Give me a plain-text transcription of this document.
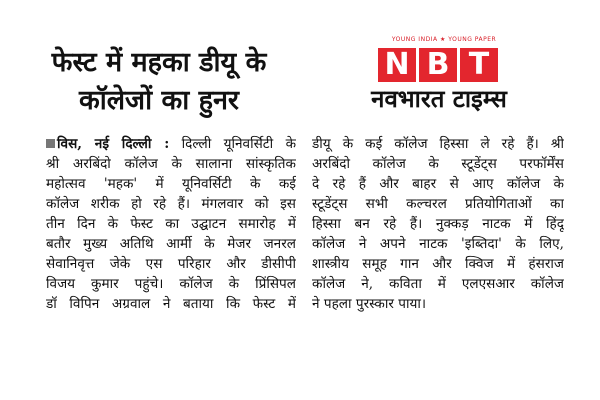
फेस्ट में महका डीयू के
कॉलेजों का हुनर
YOUNG INDIA ★ YOUNG PAPER
N B T
नवभारत टाइम्स
विस, नई दिल्ली : दिल्ली यूनिवर्सिटी के
श्री अरबिंदो कॉलेज के सालाना सांस्कृतिक
महोत्सव 'महक' में यूनिवर्सिटी के कई
कॉलेज शरीक हो रहे हैं। मंगलवार को इस
तीन दिन के फेस्ट का उद्घाटन समारोह में
बतौर मुख्य अतिथि आर्मी के मेजर जनरल
सेवानिवृत्त जेके एस परिहार और डीसीपी
विजय कुमार पहुंचे। कॉलेज के प्रिंसिपल
डॉ विपिन अग्रवाल ने बताया कि फेस्ट में
डीयू के कई कॉलेज हिस्सा ले रहे हैं। श्री
अरबिंदो कॉलेज के स्टूडेंट्स परफॉर्मेंस
दे रहे हैं और बाहर से आए कॉलेज के
स्टूडेंट्स सभी कल्चरल प्रतियोगिताओं का
हिस्सा बन रहे हैं। नुक्कड़ नाटक में हिंदू
कॉलेज ने अपने नाटक 'इब्तिदा' के लिए,
शास्त्रीय समूह गान और क्विज में हंसराज
कॉलेज ने, कविता में एलएसआर कॉलेज
ने पहला पुरस्कार पाया।
